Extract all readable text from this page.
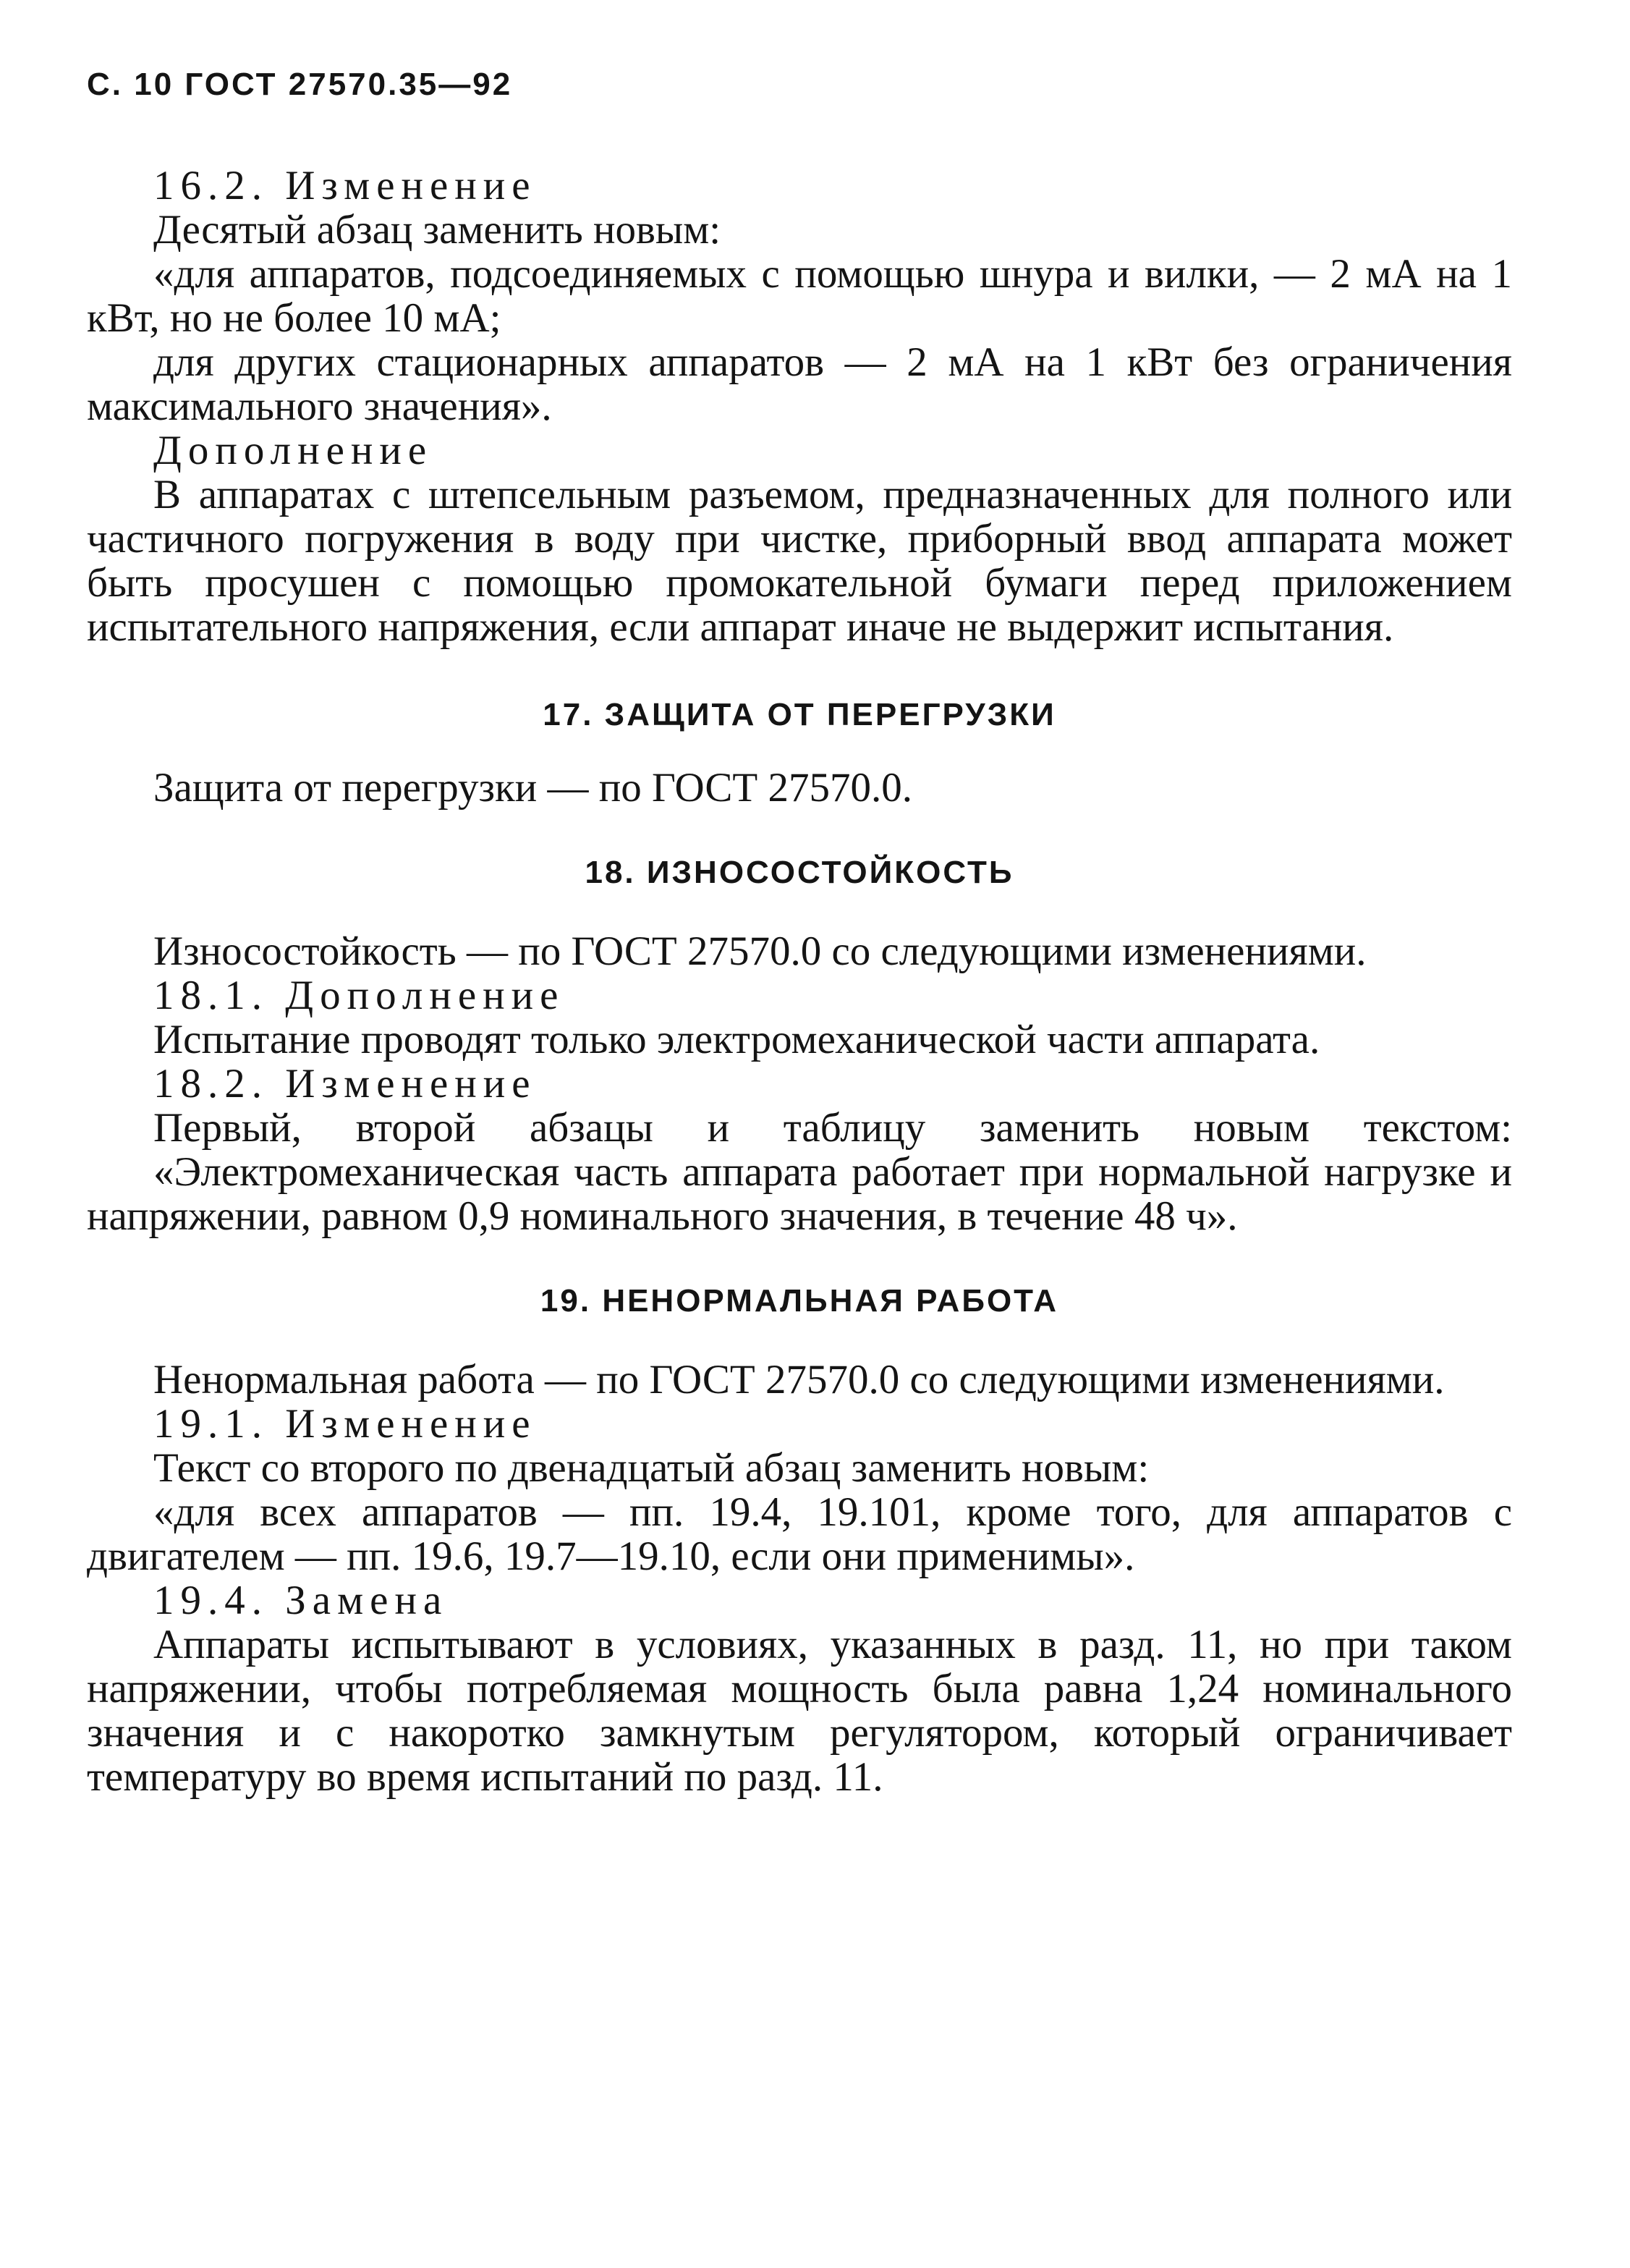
С. 10 ГОСТ 27570.35—92

16.2. Изменение

Десятый абзац заменить новым:

«для аппаратов, подсоединяемых с помощью шнура и вилки, — 2 мА на 1 кВт, но не более 10 мА;

для других стационарных аппаратов — 2 мА на 1 кВт без ограничения максимального значения».

Дополнение

В аппаратах с штепсельным разъемом, предназначенных для полного или частичного погружения в воду при чистке, приборный ввод аппарата может быть просушен с помощью промокательной бумаги перед приложением испытательного напряжения, если аппарат иначе не выдержит испытания.

17. ЗАЩИТА ОТ ПЕРЕГРУЗКИ

Защита от перегрузки — по ГОСТ 27570.0.

18. ИЗНОСОСТОЙКОСТЬ

Износостойкость — по ГОСТ 27570.0 со следующими изменениями.

18.1. Дополнение

Испытание проводят только электромеханической части аппарата.

18.2. Изменение

Первый, второй абзацы и таблицу заменить новым текстом:

«Электромеханическая часть аппарата работает при нормальной нагрузке и напряжении, равном 0,9 номинального значения, в течение 48 ч».

19. НЕНОРМАЛЬНАЯ РАБОТА

Ненормальная работа — по ГОСТ 27570.0 со следующими изменениями.

19.1. Изменение

Текст со второго по двенадцатый абзац заменить новым:

«для всех аппаратов — пп. 19.4, 19.101, кроме того, для аппаратов с двигателем — пп. 19.6, 19.7—19.10, если они применимы».

19.4. Замена

Аппараты испытывают в условиях, указанных в разд. 11, но при таком напряжении, чтобы потребляемая мощность была равна 1,24 номинального значения и с накоротко замкнутым регулятором, который ограничивает температуру во время испытаний по разд. 11.
